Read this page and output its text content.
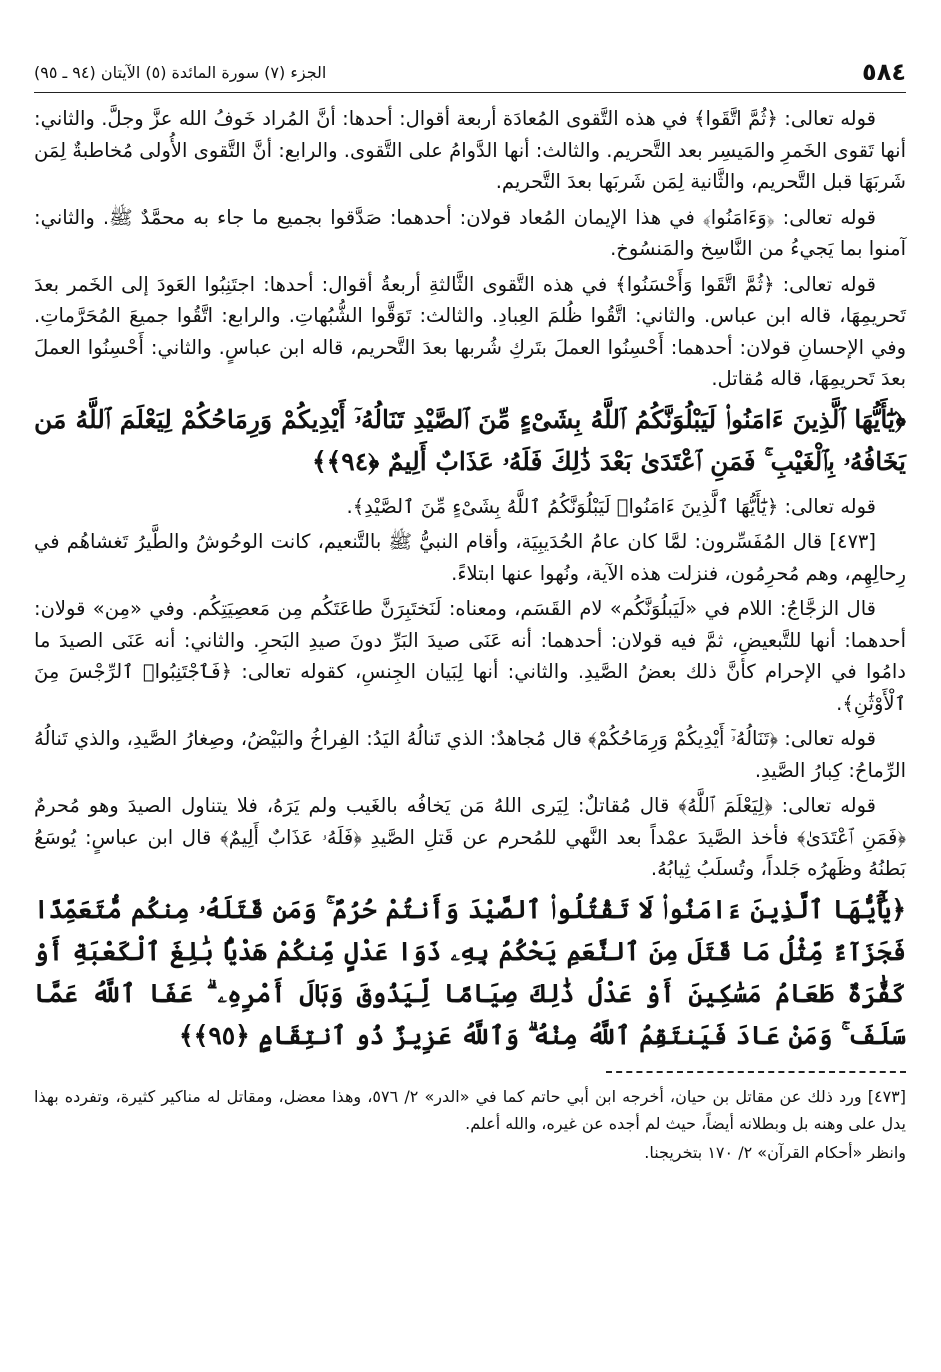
٥٨٤
الجزء (٧) سورة المائدة (٥) الآيتان (٩٤ ـ ٩٥)

قوله تعالى: ﴿ثُمَّ اتَّقَوا﴾ في هذه التَّقوى المُعادَة أربعة أقوال: أحدها: أنَّ المُراد خَوفُ الله عزَّ وجلَّ. والثاني: أنها تَقوى الخَمرِ والمَيسِر بعد التَّحريم. والثالث: أنها الدَّوامُ على التَّقوى. والرابع: أنَّ التَّقوى الأُولى مُخاطبةٌ لِمَن شَربَهَا قبل التَّحريم، والثَّانية لِمَن شَربَها بعدَ التَّحريم.

قوله تعالى: ﴿وَءَامَنُوا﴾ في هذا الإيمان المُعاد قولان: أحدهما: صَدَّقوا بجميع ما جاء به محمَّدٌ ﷺ. والثاني: آمنوا بما يَجيءُ من النَّاسِخ والمَنسُوخ.

قوله تعالى: ﴿ثُمَّ اتَّقَوا وَأَحْسَنُوا﴾ في هذه التَّقوى الثَّالثةِ أربعةُ أقوال: أحدها: اجتَنِبُوا العَودَ إلى الخَمر بعدَ تَحريمِهَا، قاله ابن عباس. والثاني: اتَّقُوا ظُلمَ العِبادِ. والثالث: تَوَقَّوا الشُّبُهاتِ. والرابع: اتَّقُوا جميعَ المُحَرَّماتِ. وفي الإحسانِ قولان: أحدهما: أَحْسِنُوا العملَ بتَركِ شُربها بعدَ التَّحريم، قاله ابن عباسٍ. والثاني: أَحْسِنُوا العملَ بعدَ تَحريمِهَا، قاله مُقاتل.

﴿يَٰٓأَيُّهَا ٱلَّذِينَ ءَامَنُوا۟ لَيَبْلُوَنَّكُمُ ٱللَّهُ بِشَىْءٍ مِّنَ ٱلصَّيْدِ تَنَالُهُۥٓ أَيْدِيكُمْ وَرِمَاحُكُمْ لِيَعْلَمَ ٱللَّهُ مَن يَخَافُهُۥ بِٱلْغَيْبِ ۚ فَمَنِ ٱعْتَدَىٰ بَعْدَ ذَٰلِكَ فَلَهُۥ عَذَابٌ أَلِيمٌ ﴿٩٤﴾﴾

قوله تعالى: ﴿يَٰٓأَيُّهَا ٱلَّذِينَ ءَامَنُوا۟ لَيَبْلُوَنَّكُمُ ٱللَّهُ بِشَىْءٍ مِّنَ ٱلصَّيْدِ﴾.

[٤٧٣] قال المُفَسِّرون: لمَّا كان عامُ الحُدَيبِيَة، وأقام النبيُّ ﷺ بالتَّنعيم، كانت الوحُوشُ والطَّيرُ تَغشاهُم في رِحالِهِم، وهم مُحرِمُون، فنزلت هذه الآية، ونُهوا عنها ابتلاءً.

قال الزجَّاجُ: اللام في «لَيَبلُوَنَّكُم» لام القَسَم، ومعناه: لَنَختَبِرَنَّ طاعَتَكُم مِن مَعصِيَتِكُم. وفي «مِن» قولان: أحدهما: أنها للتَّبعيضِ، ثمَّ فيه قولان: أحدهما: أنه عَنَى صيدَ البَرِّ دونَ صيدِ البَحرِ. والثاني: أنه عَنَى الصيدَ ما دامُوا في الإحرام كأنَّ ذلك بعضُ الصَّيدِ. والثاني: أنها لِبَيان الجِنسِ، كقوله تعالى: ﴿فَٱجْتَنِبُوا۟ ٱلرِّجْسَ مِنَ ٱلْأَوْثَٰنِ﴾.

قوله تعالى: ﴿تَنَالُهُۥٓ أَيْدِيكُمْ وَرِمَاحُكُمْ﴾ قال مُجاهدٌ: الذي تَنالُهُ اليَدُ: الفِراخُ والبَيْضُ، وصِغارُ الصَّيدِ، والذي تَنالُهُ الرِّماحُ: كِبارُ الصَّيدِ.

قوله تعالى: ﴿لِيَعْلَمَ ٱللَّهُ﴾ قال مُقاتلٌ: لِيَرى اللهُ مَن يَخافُه بالغَيب ولم يَرَهُ، فلا يتناول الصيدَ وهو مُحرمٌ ﴿فَمَنِ ٱعْتَدَىٰ﴾ فأخذ الصَّيدَ عمْداً بعد النَّهي للمُحرم عن قَتلِ الصَّيدِ ﴿فَلَهُۥ عَذَابٌ أَلِيمٌ﴾ قال ابن عباسٍ: يُوسَعُ بَطنُهُ وظَهرُه جَلداً، وتُسلَبُ ثِيابُهُ.

﴿يَٰٓأَيُّهَا ٱلَّذِينَ ءَامَنُوا۟ لَا تَقْتُلُوا۟ ٱلصَّيْدَ وَأَنتُمْ حُرُمٌ ۚ وَمَن قَتَلَهُۥ مِنكُم مُّتَعَمِّدًا فَجَزَآءٌ مِّثْلُ مَا قَتَلَ مِنَ ٱلنَّعَمِ يَحْكُمُ بِهِۦ ذَوَا عَدْلٍ مِّنكُمْ هَدْيًۢا بَٰلِغَ ٱلْكَعْبَةِ أَوْ كَفَّٰرَةٌ طَعَامُ مَسَٰكِينَ أَوْ عَدْلُ ذَٰلِكَ صِيَامًا لِّيَذُوقَ وَبَالَ أَمْرِهِۦ ۗ عَفَا ٱللَّهُ عَمَّا سَلَفَ ۚ وَمَنْ عَادَ فَيَنتَقِمُ ٱللَّهُ مِنْهُ ۗ وَٱللَّهُ عَزِيزٌ ذُو ٱنتِقَامٍ ﴿٩٥﴾﴾

[٤٧٣] ورد ذلك عن مقاتل بن حيان، أخرجه ابن أبي حاتم كما في «الدر» ٢/ ٥٧٦، وهذا معضل، ومقاتل له مناكير كثيرة، وتفرده بهذا يدل على وهنه بل وبطلانه أيضاً، حيث لم أجده عن غيره، والله أعلم.

وانظر «أحكام القرآن» ٢/ ١٧٠ بتخريجنا.
